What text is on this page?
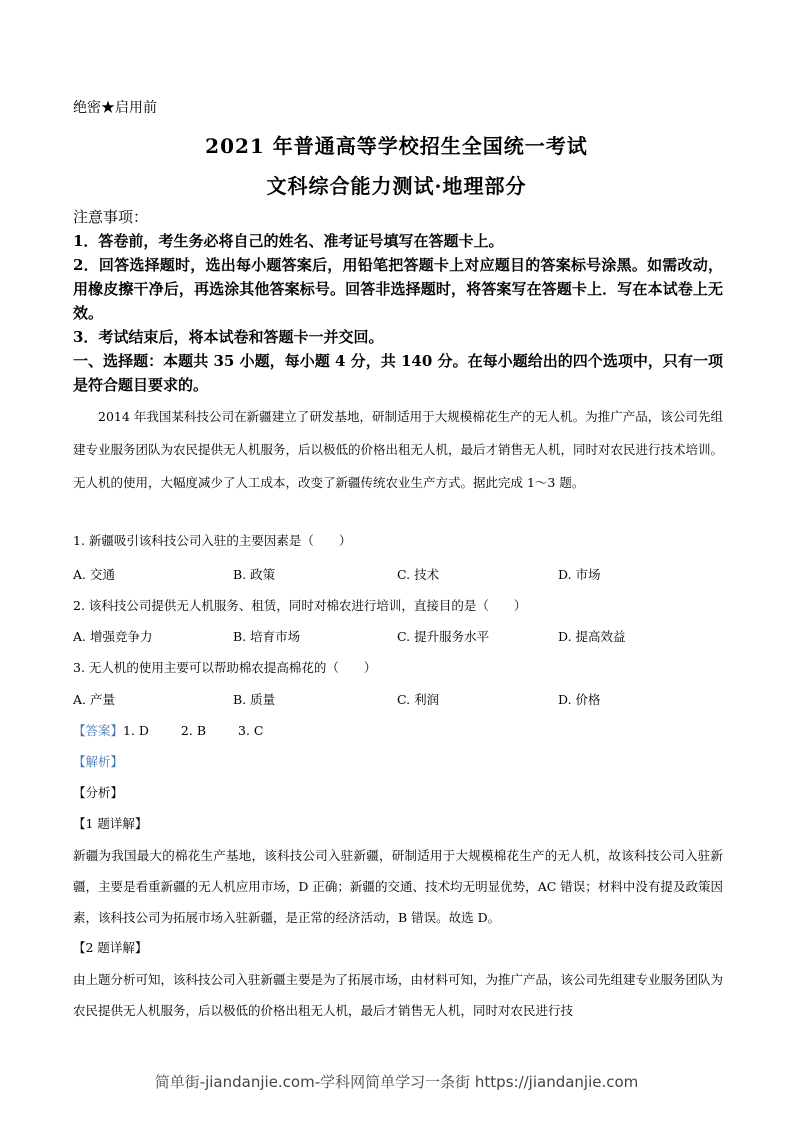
绝密★启用前
2021 年普通高等学校招生全国统一考试
文科综合能力测试·地理部分

注意事项：

1．答卷前，考生务必将自己的姓名、准考证号填写在答题卡上。

2．回答选择题时，选出每小题答案后，用铅笔把答题卡上对应题目的答案标号涂黑。如需改动，用橡皮擦干净后，再选涂其他答案标号。回答非选择题时，将答案写在答题卡上．写在本试卷上无效。

3．考试结束后，将本试卷和答题卡一并交回。

一、选择题：本题共 35 小题，每小题 4 分，共 140 分。在每小题给出的四个选项中，只有一项是符合题目要求的。

2014 年我国某科技公司在新疆建立了研发基地，研制适用于大规模棉花生产的无人机。为推广产品，该公司先组建专业服务团队为农民提供无人机服务，后以极低的价格出租无人机，最后才销售无人机，同时对农民进行技术培训。无人机的使用，大幅度减少了人工成本，改变了新疆传统农业生产方式。据此完成 1～3 题。

1. 新疆吸引该科技公司入驻的主要因素是（　　）
A. 交通	B. 政策	C. 技术	D. 市场
2. 该科技公司提供无人机服务、租赁，同时对棉农进行培训，直接目的是（　　）
A. 增强竞争力	B. 培育市场	C. 提升服务水平	D. 提高效益
3. 无人机的使用主要可以帮助棉农提高棉花的（　　）
A. 产量	B. 质量	C. 利润	D. 价格
【答案】1. D	2. B	3. C
【解析】
【分析】
【1 题详解】

新疆为我国最大的棉花生产基地，该科技公司入驻新疆，研制适用于大规模棉花生产的无人机，故该科技公司入驻新疆，主要是看重新疆的无人机应用市场，D 正确；新疆的交通、技术均无明显优势，AC 错误；材料中没有提及政策因素，该科技公司为拓展市场入驻新疆，是正常的经济活动，B 错误。故选 D。

【2 题详解】

由上题分析可知，该科技公司入驻新疆主要是为了拓展市场，由材料可知，为推广产品，该公司先组建专业服务团队为农民提供无人机服务，后以极低的价格出租无人机，最后才销售无人机，同时对农民进行技

简单街-jiandanjie.com-学科网简单学习一条街 https://jiandanjie.com
